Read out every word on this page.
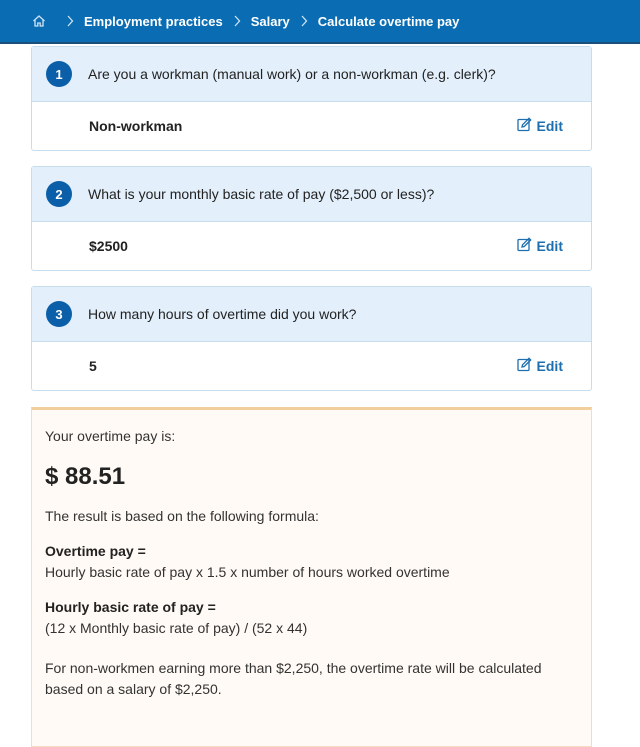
Employment practices Salary Calculate overtime pay
1	Are you a workman (manual work) or a non-workman (e.g. clerk)?
Non-workman	Edit
2	What is your monthly basic rate of pay ($2,500 or less)?
$2500	Edit
3	How many hours of overtime did you work?
5	Edit
Your overtime pay is:
$ 88.51
The result is based on the following formula:
Overtime pay =
Hourly basic rate of pay x 1.5 x number of hours worked overtime
Hourly basic rate of pay =
(12 x Monthly basic rate of pay) / (52 x 44)
For non-workmen earning more than $2,250, the overtime rate will be calculated based on a salary of $2,250.
